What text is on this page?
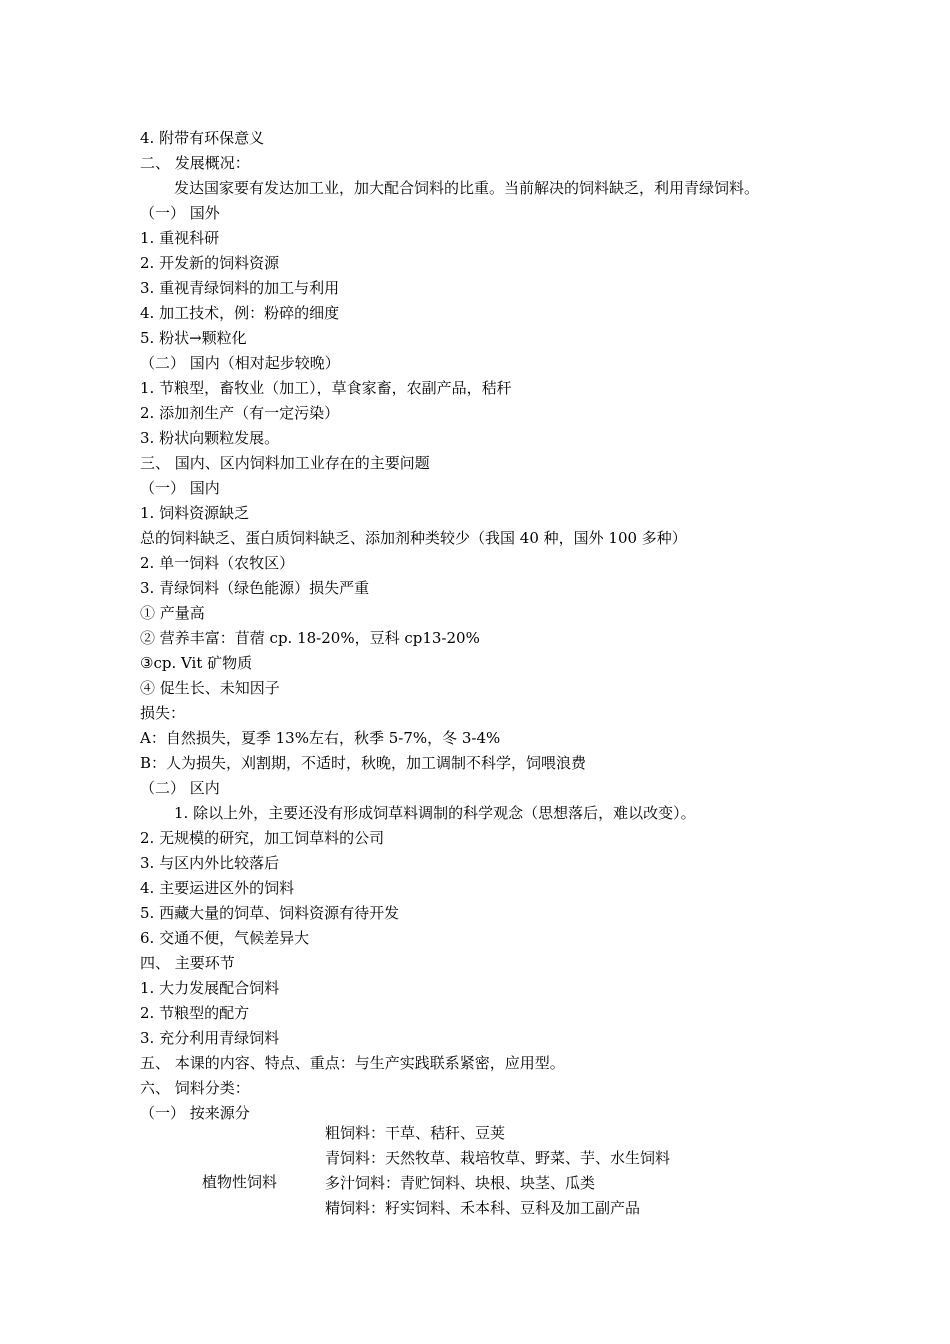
4. 附带有环保意义
二、 发展概况：
发达国家要有发达加工业，加大配合饲料的比重。当前解决的饲料缺乏，利用青绿饲料。
（一） 国外
1. 重视科研
2. 开发新的饲料资源
3. 重视青绿饲料的加工与利用
4. 加工技术，例：粉碎的细度
5. 粉状→颗粒化
（二） 国内（相对起步较晚）
1. 节粮型，畜牧业（加工），草食家畜，农副产品，秸秆
2. 添加剂生产（有一定污染）
3. 粉状向颗粒发展。
三、 国内、区内饲料加工业存在的主要问题
（一） 国内
1. 饲料资源缺乏
总的饲料缺乏、蛋白质饲料缺乏、添加剂种类较少（我国 40 种，国外 100 多种）
2. 单一饲料（农牧区）
3. 青绿饲料（绿色能源）损失严重
① 产量高
② 营养丰富：苜蓿 cp. 18-20%，豆科 cp13-20%
③cp. Vit 矿物质
④ 促生长、未知因子
损失：
A：自然损失，夏季 13%左右，秋季 5-7%，冬 3-4%
B：人为损失，刈割期，不适时，秋晚，加工调制不科学，饲喂浪费
（二） 区内
1. 除以上外，主要还没有形成饲草料调制的科学观念（思想落后，难以改变）。
2. 无规模的研究，加工饲草料的公司
3. 与区内外比较落后
4. 主要运进区外的饲料
5. 西藏大量的饲草、饲料资源有待开发
6. 交通不便，气候差异大
四、 主要环节
1. 大力发展配合饲料
2. 节粮型的配方
3. 充分利用青绿饲料
五、 本课的内容、特点、重点：与生产实践联系紧密，应用型。
六、 饲料分类：
（一） 按来源分
植物性饲料
粗饲料：干草、秸秆、豆荚
青饲料：天然牧草、栽培牧草、野菜、芋、水生饲料
多汁饲料：青贮饲料、块根、块茎、瓜类
精饲料：籽实饲料、禾本科、豆科及加工副产品
